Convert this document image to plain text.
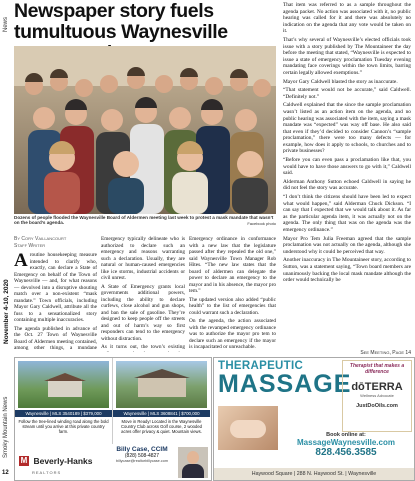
News
November 4-10, 2020
Smoky Mountain News
12
Newspaper story fuels tumultuous Waynesville
Dozens of people flooded the Waynesville Board of Aldermen meeting last week to protest a mask mandate that wasn’t on the board’s agenda.	Facebook photo
By Cory Vaillancourt
Staff Writer

A routine housekeeping measure intended to clarify who, exactly, can declare a State of Emergency on behalf of the Town of Waynesville — and, for what reasons — devolved into a disruptive shouting match over a non-existent “mask mandate.” Town officials, including Mayor Gary Caldwell, attribute all the fuss to a sensationalized story containing multiple inaccuracies.

The agenda published in advance of the Oct. 27 Town of Waynesville Board of Aldermen meeting contained, among other things, a mundane

Emergency typically delineate who is authorized to declare such an emergency and reasons warranting such a declaration. Usually, they are natural or human-caused emergencies like ice storms, industrial accidents or civil unrest.

A State of Emergency grants local governments additional powers, including the ability to declare curfews, close alcohol and gun shops, and ban the sale of gasoline. They’re designed to keep people off the streets and out of harm’s way so first responders can tend to the emergency without distraction.

As it turns out, the town’s existing

Emergency ordinance in conformance with a new law that the legislature passed after they repealed the old one,” said Waynesville Town Manager Rob Hites. “The new law states that the board of aldermen can delegate the power to declare an emergency to the mayor and in his absence, the mayor pro tem.”

The updated version also added “public health” to the list of emergencies that could warrant such a declaration.

On the agenda, the action associated with the revamped emergency ordinance was to authorize the mayor pro tem to declare such an emergency if the mayor is incapacitated or unreachable.

That item was referred to as a sample throughout the agenda packet. No action was associated with it, no public hearing was called for it and there was absolutely no indication on the agenda that any vote would be taken on it.

That’s why several of Waynesville’s elected officials took issue with a story published by The Mountaineer the day before the meeting that stated, “Waynesville is expected to issue a state of emergency proclamation Tuesday evening mandating face coverings within the town limits, barring certain legally allowed exemptions.”

Mayor Gary Caldwell blasted the story as inaccurate.

“That statement would not be accurate,” said Caldwell. “Definitely not.”

Caldwell explained that the since the sample proclamation wasn’t listed as an action item on the agenda, and no public hearing was associated with the item, saying a mask mandate was “expected” was way off base. He also said that even if they’d decided to consider Cannon’s “sample proclamation,” there were too many defects — for example, how does it apply to schools, to churches and to private businesses?

“Before you can even pass a proclamation like that, you would have to have those answers to go with it,” Caldwell said.

Alderman Anthony Sutton echoed Caldwell in saying he did not feel the story was accurate.

“I don’t think the citizens should have been led to expect what would happen,” said Alderman Chuck Dickson. “I can say that I expected that we would talk about it. As far as the particular agenda item, it was actually not on the agenda. The only thing that was on the agenda was the emergency ordinance.”

Mayor Pro Tem Julia Freeman agreed that the sample proclamation was not actually on the agenda, although she understood why it could be perceived that way.

Another inaccuracy in The Mountaineer story, according to Sutton, was a statement saying, “Town board members are unanimously backing the local mask mandate although the order would technically be

See Meeting, Page 14
Waynesville | MLS 3540189 | $379,000
Follow the tree-lined winding road along the bold stream until you arrive at this private country farm.
Waynesville | MLS 3608841 | $700,000
Move in Ready! Located in the Waynesville Country Club across Golf course, 2 wooded acres offer privacy & quiet. Mountain views.
M Beverly-Hanks
REALTORS
Billy Case, CCIM
(828) 508-4827
billycase@realtorbillycase.com
THERAPEUTIC
MASSAGE
Therapist that makes a difference
dōTERRA
Wellness Advocate
JustDoOils.com
Book online at:
MassageWaynesville.com
828.456.3585
Haywood Square | 288 N. Haywood St. | Waynesville
